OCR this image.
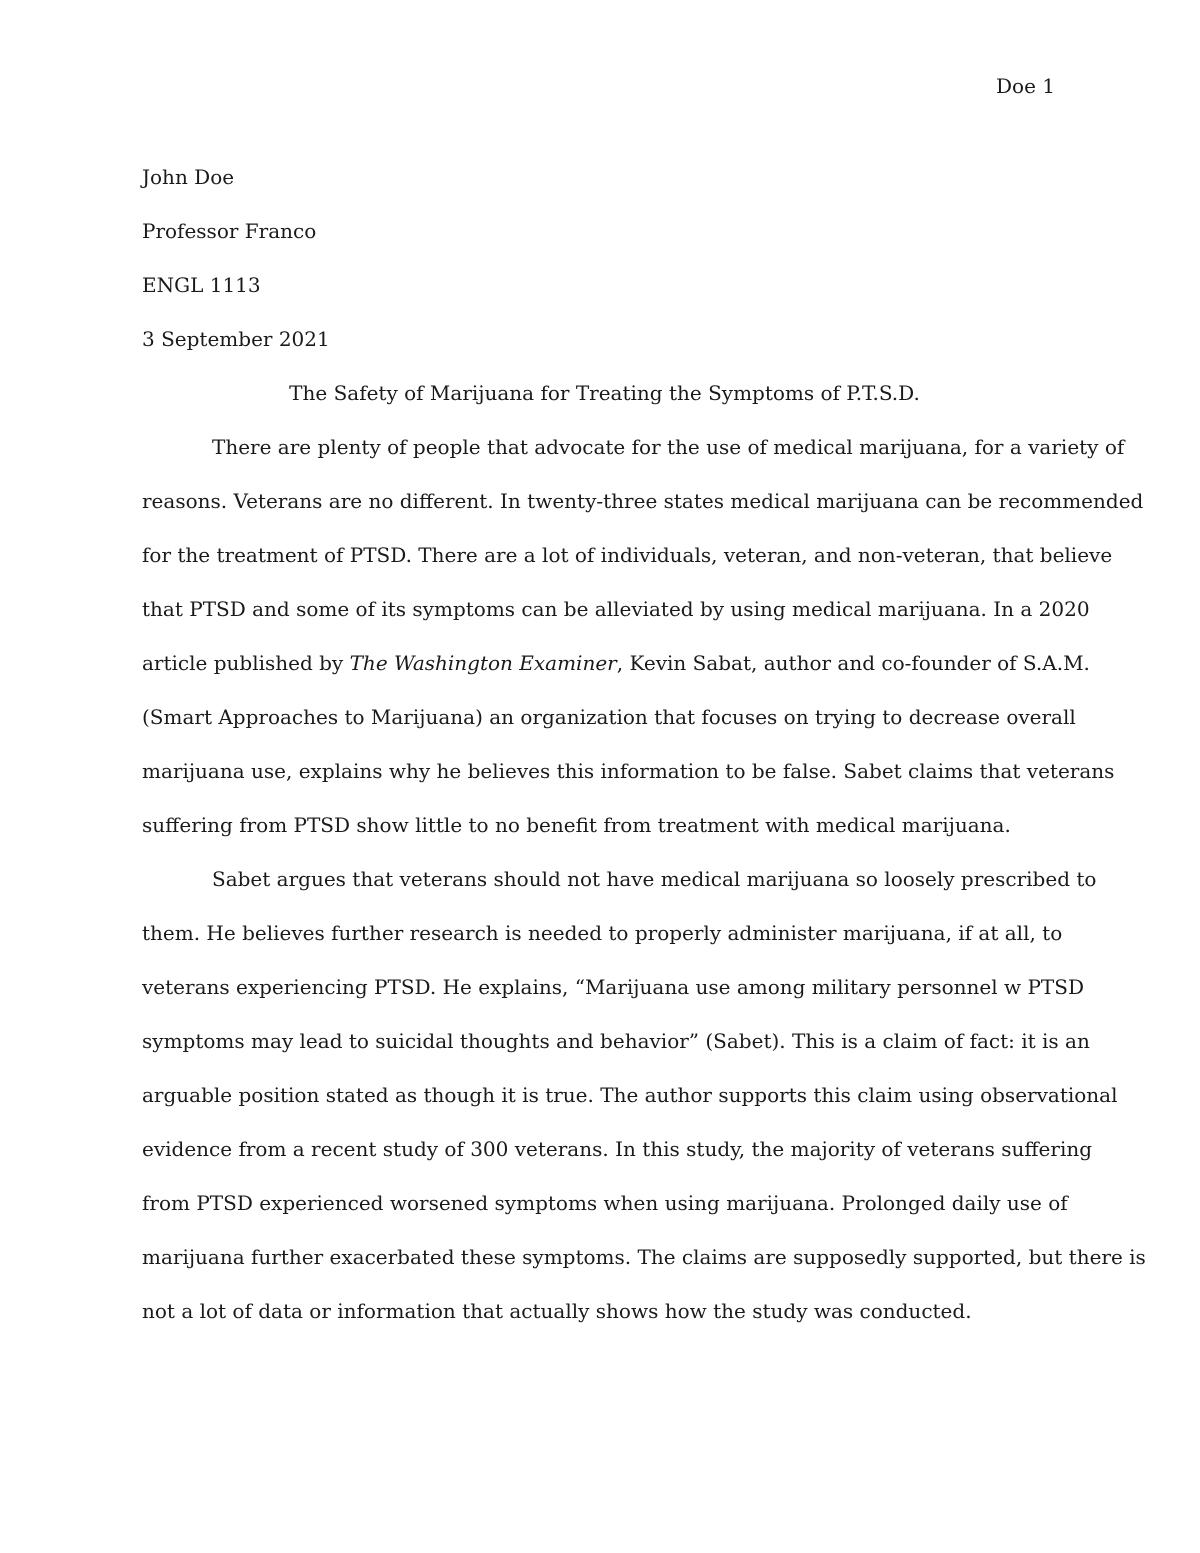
Doe 1
John Doe
Professor Franco
ENGL 1113
3 September 2021
The Safety of Marijuana for Treating the Symptoms of P.T.S.D.
There are plenty of people that advocate for the use of medical marijuana, for a variety of
reasons. Veterans are no different. In twenty-three states medical marijuana can be recommended
for the treatment of PTSD. There are a lot of individuals, veteran, and non-veteran, that believe
that PTSD and some of its symptoms can be alleviated by using medical marijuana. In a 2020
article published by The Washington Examiner, Kevin Sabat, author and co-founder of S.A.M.
(Smart Approaches to Marijuana) an organization that focuses on trying to decrease overall
marijuana use, explains why he believes this information to be false. Sabet claims that veterans
suffering from PTSD show little to no benefit from treatment with medical marijuana.
Sabet argues that veterans should not have medical marijuana so loosely prescribed to
them. He believes further research is needed to properly administer marijuana, if at all, to
veterans experiencing PTSD. He explains, “Marijuana use among military personnel w PTSD
symptoms may lead to suicidal thoughts and behavior” (Sabet). This is a claim of fact: it is an
arguable position stated as though it is true. The author supports this claim using observational
evidence from a recent study of 300 veterans. In this study, the majority of veterans suffering
from PTSD experienced worsened symptoms when using marijuana. Prolonged daily use of
marijuana further exacerbated these symptoms. The claims are supposedly supported, but there is
not a lot of data or information that actually shows how the study was conducted.
